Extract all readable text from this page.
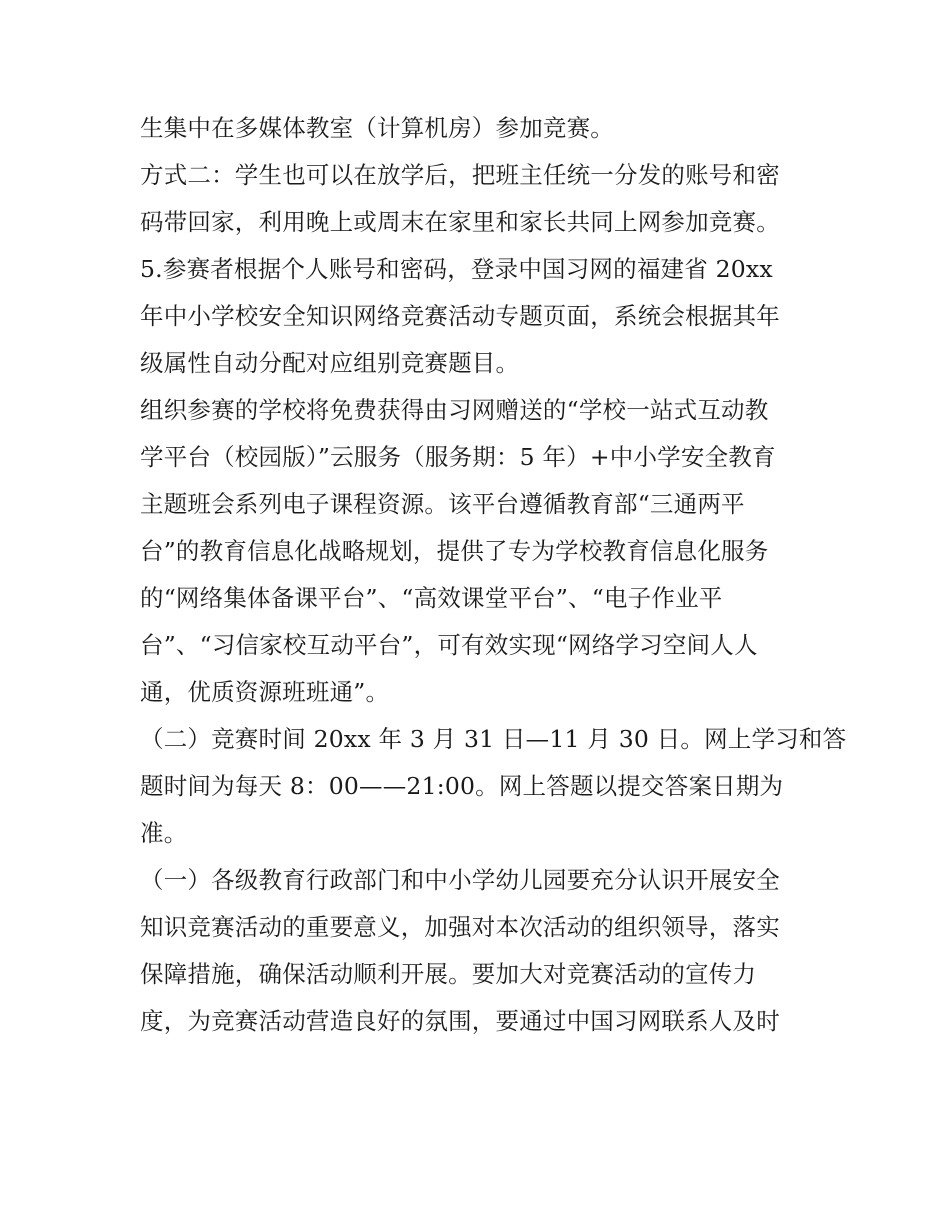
生集中在多媒体教室（计算机房）参加竞赛。
方式二：学生也可以在放学后，把班主任统一分发的账号和密
码带回家，利用晚上或周末在家里和家长共同上网参加竞赛。
5.参赛者根据个人账号和密码，登录中国习网的福建省 20xx
年中小学校安全知识网络竞赛活动专题页面，系统会根据其年
级属性自动分配对应组别竞赛题目。
组织参赛的学校将免费获得由习网赠送的“学校一站式互动教
学平台（校园版）”云服务（服务期：5 年）+中小学安全教育
主题班会系列电子课程资源。该平台遵循教育部“三通两平
台”的教育信息化战略规划，提供了专为学校教育信息化服务
的“网络集体备课平台”、“高效课堂平台”、“电子作业平
台”、“习信家校互动平台”，可有效实现“网络学习空间人人
通，优质资源班班通”。
（二）竞赛时间 20xx 年 3 月 31 日—11 月 30 日。网上学习和答
题时间为每天 8：00——21:00。网上答题以提交答案日期为
准。
（一）各级教育行政部门和中小学幼儿园要充分认识开展安全
知识竞赛活动的重要意义，加强对本次活动的组织领导，落实
保障措施，确保活动顺利开展。要加大对竞赛活动的宣传力
度，为竞赛活动营造良好的氛围，要通过中国习网联系人及时
